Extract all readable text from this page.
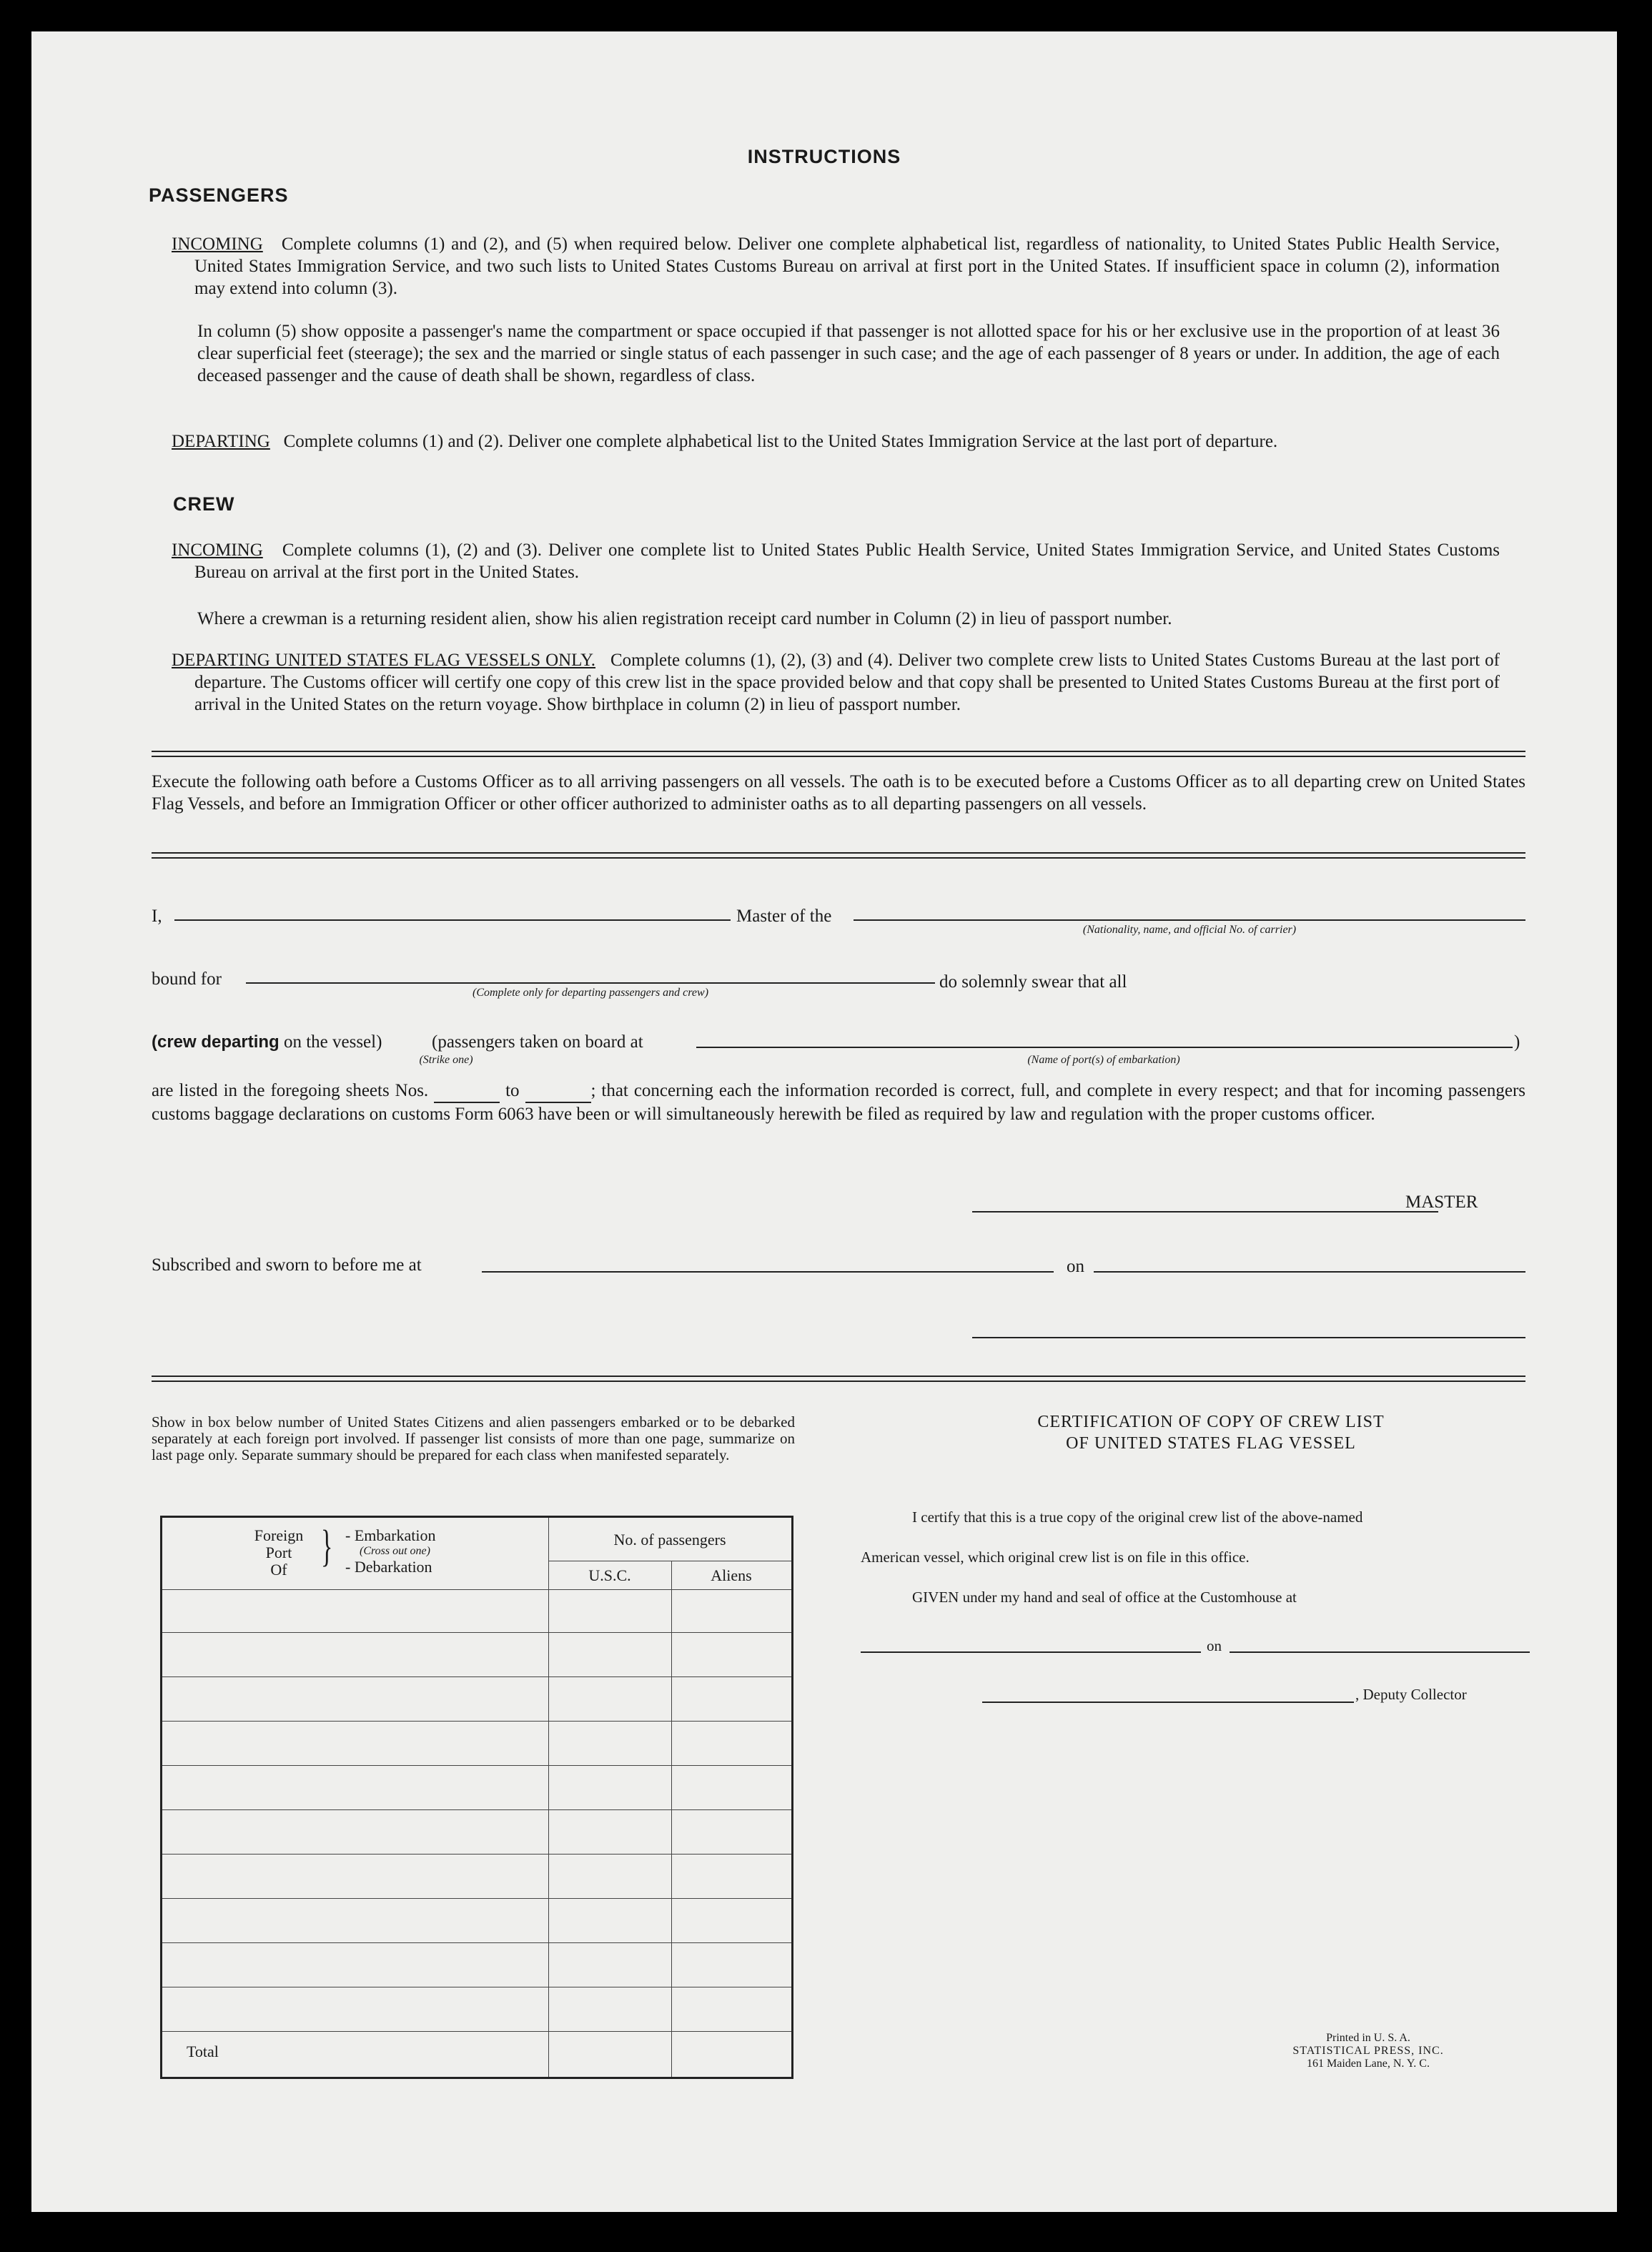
INSTRUCTIONS
PASSENGERS
INCOMING Complete columns (1) and (2), and (5) when required below. Deliver one complete alphabetical list, regardless of nationality, to United States Public Health Service, United States Immigration Service, and two such lists to United States Customs Bureau on arrival at first port in the United States. If insufficient space in column (2), information may extend into column (3).
In column (5) show opposite a passenger's name the compartment or space occupied if that passenger is not allotted space for his or her exclusive use in the proportion of at least 36 clear superficial feet (steerage); the sex and the married or single status of each passenger in such case; and the age of each passenger of 8 years or under. In addition, the age of each deceased passenger and the cause of death shall be shown, regardless of class.
DEPARTING Complete columns (1) and (2). Deliver one complete alphabetical list to the United States Immigration Service at the last port of departure.
CREW
INCOMING Complete columns (1), (2) and (3). Deliver one complete list to United States Public Health Service, United States Immigration Service, and United States Customs Bureau on arrival at the first port in the United States.
Where a crewman is a returning resident alien, show his alien registration receipt card number in Column (2) in lieu of passport number.
DEPARTING UNITED STATES FLAG VESSELS ONLY. Complete columns (1), (2), (3) and (4). Deliver two complete crew lists to United States Customs Bureau at the last port of departure. The Customs officer will certify one copy of this crew list in the space provided below and that copy shall be presented to United States Customs Bureau at the first port of arrival in the United States on the return voyage. Show birthplace in column (2) in lieu of passport number.
Execute the following oath before a Customs Officer as to all arriving passengers on all vessels. The oath is to be executed before a Customs Officer as to all departing crew on United States Flag Vessels, and before an Immigration Officer or other officer authorized to administer oaths as to all departing passengers on all vessels.
I,	Master of the
(Nationality, name, and official No. of carrier)
bound for
(Complete only for departing passengers and crew)
do solemnly swear that all
(crew departing on the vessel)	(passengers taken on board at	)
(Strike one)	(Name of port(s) of embarkation)
are listed in the foregoing sheets Nos.	to	; that concerning each the information recorded is correct, full, and complete in every respect; and that for incoming passengers customs baggage declarations on customs Form 6063 have been or will simultaneously herewith be filed as required by law and regulation with the proper customs officer.
MASTER
Subscribed and sworn to before me at	on
Show in box below number of United States Citizens and alien passengers embarked or to be debarked separately at each foreign port involved. If passenger list consists of more than one page, summarize on last page only. Separate summary should be prepared for each class when manifested separately.
Foreign
Port
Of } - Embarkation
(Cross out one)
- Debarkation
No. of passengers
U.S.C.	Aliens
Total
CERTIFICATION OF COPY OF CREW LIST
OF UNITED STATES FLAG VESSEL
I certify that this is a true copy of the original crew list of the above-named
American vessel, which original crew list is on file in this office.
GIVEN under my hand and seal of office at the Customhouse at
on
, Deputy Collector
Printed in U. S. A.
STATISTICAL PRESS, INC.
161 Maiden Lane, N. Y. C.
